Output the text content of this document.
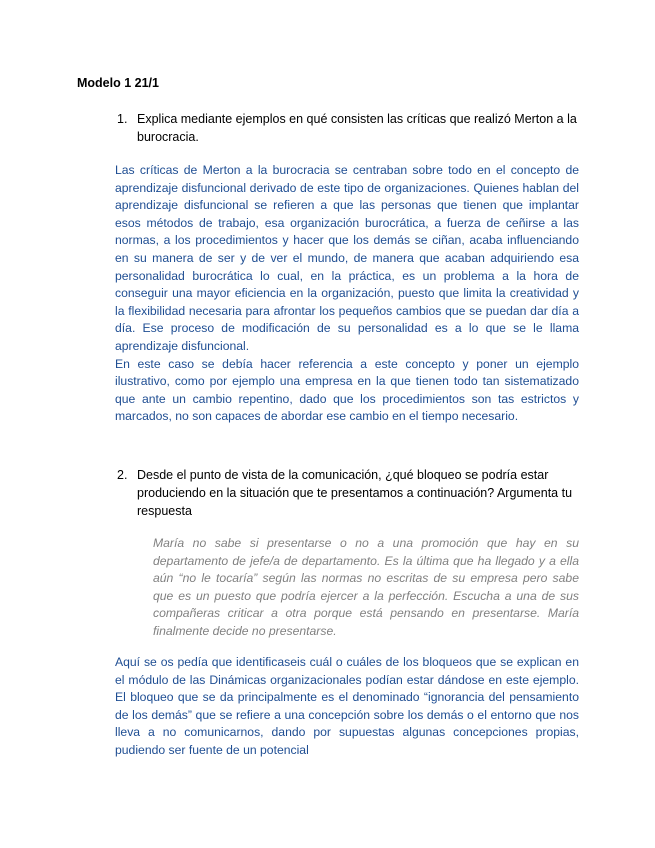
Modelo 1 21/1
1. Explica mediante ejemplos en qué consisten las críticas que realizó Merton a la burocracia.

Las críticas de Merton a la burocracia se centraban sobre todo en el concepto de aprendizaje disfuncional derivado de este tipo de organizaciones. Quienes hablan del aprendizaje disfuncional se refieren a que las personas que tienen que implantar esos métodos de trabajo, esa organización burocrática, a fuerza de ceñirse a las normas, a los procedimientos y hacer que los demás se ciñan, acaba influenciando en su manera de ser y de ver el mundo, de manera que acaban adquiriendo esa personalidad burocrática lo cual, en la práctica, es un problema a la hora de conseguir una mayor eficiencia en la organización, puesto que limita la creatividad y la flexibilidad necesaria para afrontar los pequeños cambios que se puedan dar día a día. Ese proceso de modificación de su personalidad es a lo que se le llama aprendizaje disfuncional.

En este caso se debía hacer referencia a este concepto y poner un ejemplo ilustrativo, como por ejemplo una empresa en la que tienen todo tan sistematizado que ante un cambio repentino, dado que los procedimientos son tas estrictos y marcados, no son capaces de abordar ese cambio en el tiempo necesario.

2. Desde el punto de vista de la comunicación, ¿qué bloqueo se podría estar produciendo en la situación que te presentamos a continuación? Argumenta tu respuesta
María no sabe si presentarse o no a una promoción que hay en su departamento de jefe/a de departamento. Es la última que ha llegado y a ella aún “no le tocaría” según las normas no escritas de su empresa pero sabe que es un puesto que podría ejercer a la perfección. Escucha a una de sus compañeras criticar a otra porque está pensando en presentarse. María finalmente decide no presentarse.
Aquí se os pedía que identificaseis cuál o cuáles de los bloqueos que se explican en el módulo de las Dinámicas organizacionales podían estar dándose en este ejemplo. El bloqueo que se da principalmente es el denominado “ignorancia del pensamiento de los demás” que se refiere a una concepción sobre los demás o el entorno que nos lleva a no comunicarnos, dando por supuestas algunas concepciones propias, pudiendo ser fuente de un potencial
